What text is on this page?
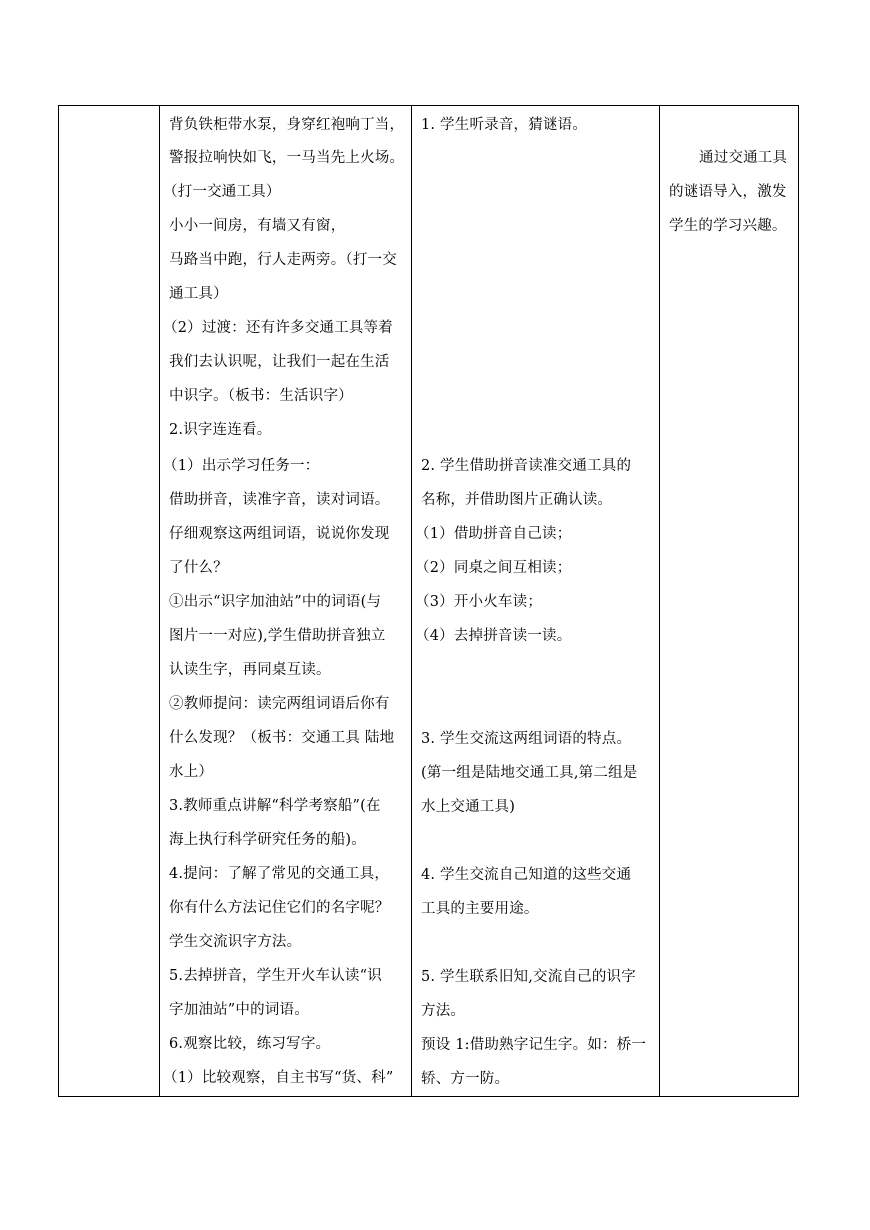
背负铁柜带水泵，身穿红袍响丁当，
警报拉响快如飞，一马当先上火场。
（打一交通工具）
小小一间房，有墙又有窗，
马路当中跑，行人走两旁。（打一交
通工具）
（2）过渡：还有许多交通工具等着
我们去认识呢，让我们一起在生活
中识字。（板书：生活识字）
2.识字连连看。
（1）出示学习任务一：
借助拼音，读准字音，读对词语。
仔细观察这两组词语，说说你发现
了什么？
①出示“识字加油站”中的词语(与
图片一一对应),学生借助拼音独立
认读生字，再同桌互读。
②教师提问：读完两组词语后你有
什么发现？（板书：交通工具 陆地
水上）
3.教师重点讲解“科学考察船”(在
海上执行科学研究任务的船)。
4.提问：了解了常见的交通工具，
你有什么方法记住它们的名字呢？
学生交流识字方法。
5.去掉拼音，学生开火车认读“识
字加油站”中的词语。
6.观察比较，练习写字。
（1）比较观察，自主书写“货、科”
1. 学生听录音，猜谜语。
2. 学生借助拼音读准交通工具的
名称，并借助图片正确认读。
（1）借助拼音自己读；
（2）同桌之间互相读；
（3）开小火车读；
（4）去掉拼音读一读。
3. 学生交流这两组词语的特点。
(第一组是陆地交通工具,第二组是
水上交通工具)
4. 学生交流自己知道的这些交通
工具的主要用途。
5. 学生联系旧知,交流自己的识字
方法。
预设 1:借助熟字记生字。如：桥一
轿、方一防。
通过交通工具
的谜语导入，激发
学生的学习兴趣。
